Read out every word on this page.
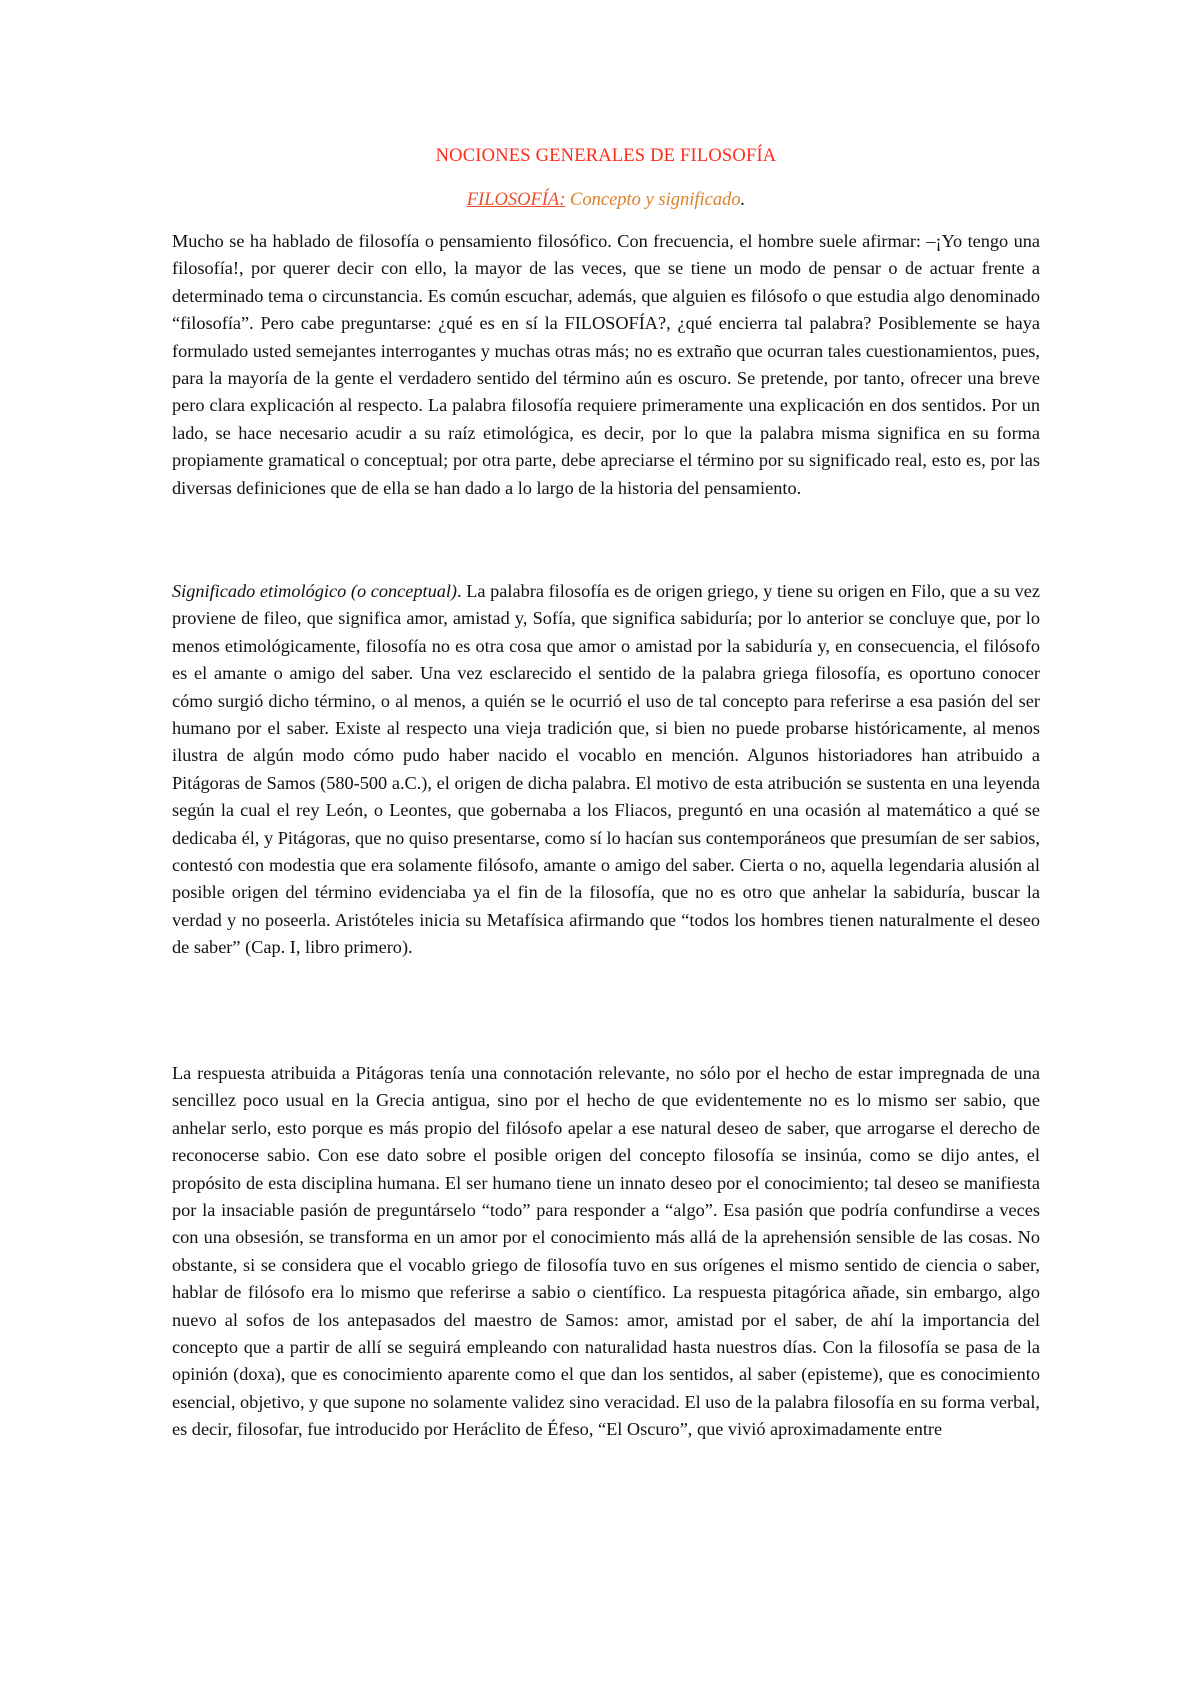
NOCIONES GENERALES DE FILOSOFÍA
FILOSOFÍA: Concepto y significado.

Mucho se ha hablado de filosofía o pensamiento filosófico. Con frecuencia, el hombre suele afirmar: –¡Yo tengo una filosofía!, por querer decir con ello, la mayor de las veces, que se tiene un modo de pensar o de actuar frente a determinado tema o circunstancia. Es común escuchar, además, que alguien es filósofo o que estudia algo denominado “filosofía”. Pero cabe preguntarse: ¿qué es en sí la FILOSOFÍA?, ¿qué encierra tal palabra? Posiblemente se haya formulado usted semejantes interrogantes y muchas otras más; no es extraño que ocurran tales cuestionamientos, pues, para la mayoría de la gente el verdadero sentido del término aún es oscuro. Se pretende, por tanto, ofrecer una breve pero clara explicación al respecto. La palabra filosofía requiere primeramente una explicación en dos sentidos. Por un lado, se hace necesario acudir a su raíz etimológica, es decir, por lo que la palabra misma significa en su forma propiamente gramatical o conceptual; por otra parte, debe apreciarse el término por su significado real, esto es, por las diversas definiciones que de ella se han dado a lo largo de la historia del pensamiento.

Significado etimológico (o conceptual). La palabra filosofía es de origen griego, y tiene su origen en Filo, que a su vez proviene de fileo, que significa amor, amistad y, Sofía, que significa sabiduría; por lo anterior se concluye que, por lo menos etimológicamente, filosofía no es otra cosa que amor o amistad por la sabiduría y, en consecuencia, el filósofo es el amante o amigo del saber. Una vez esclarecido el sentido de la palabra griega filosofía, es oportuno conocer cómo surgió dicho término, o al menos, a quién se le ocurrió el uso de tal concepto para referirse a esa pasión del ser humano por el saber. Existe al respecto una vieja tradición que, si bien no puede probarse históricamente, al menos ilustra de algún modo cómo pudo haber nacido el vocablo en mención. Algunos historiadores han atribuido a Pitágoras de Samos (580-500 a.C.), el origen de dicha palabra. El motivo de esta atribución se sustenta en una leyenda según la cual el rey León, o Leontes, que gobernaba a los Fliacos, preguntó en una ocasión al matemático a qué se dedicaba él, y Pitágoras, que no quiso presentarse, como sí lo hacían sus contemporáneos que presumían de ser sabios, contestó con modestia que era solamente filósofo, amante o amigo del saber. Cierta o no, aquella legendaria alusión al posible origen del término evidenciaba ya el fin de la filosofía, que no es otro que anhelar la sabiduría, buscar la verdad y no poseerla. Aristóteles inicia su Metafísica afirmando que “todos los hombres tienen naturalmente el deseo de saber” (Cap. I, libro primero).

La respuesta atribuida a Pitágoras tenía una connotación relevante, no sólo por el hecho de estar impregnada de una sencillez poco usual en la Grecia antigua, sino por el hecho de que evidentemente no es lo mismo ser sabio, que anhelar serlo, esto porque es más propio del filósofo apelar a ese natural deseo de saber, que arrogarse el derecho de reconocerse sabio. Con ese dato sobre el posible origen del concepto filosofía se insinúa, como se dijo antes, el propósito de esta disciplina humana. El ser humano tiene un innato deseo por el conocimiento; tal deseo se manifiesta por la insaciable pasión de preguntárselo “todo” para responder a “algo”. Esa pasión que podría confundirse a veces con una obsesión, se transforma en un amor por el conocimiento más allá de la aprehensión sensible de las cosas. No obstante, si se considera que el vocablo griego de filosofía tuvo en sus orígenes el mismo sentido de ciencia o saber, hablar de filósofo era lo mismo que referirse a sabio o científico. La respuesta pitagórica añade, sin embargo, algo nuevo al sofos de los antepasados del maestro de Samos: amor, amistad por el saber, de ahí la importancia del concepto que a partir de allí se seguirá empleando con naturalidad hasta nuestros días. Con la filosofía se pasa de la opinión (doxa), que es conocimiento aparente como el que dan los sentidos, al saber (episteme), que es conocimiento esencial, objetivo, y que supone no solamente validez sino veracidad. El uso de la palabra filosofía en su forma verbal, es decir, filosofar, fue introducido por Heráclito de Éfeso, “El Oscuro”, que vivió aproximadamente entre
